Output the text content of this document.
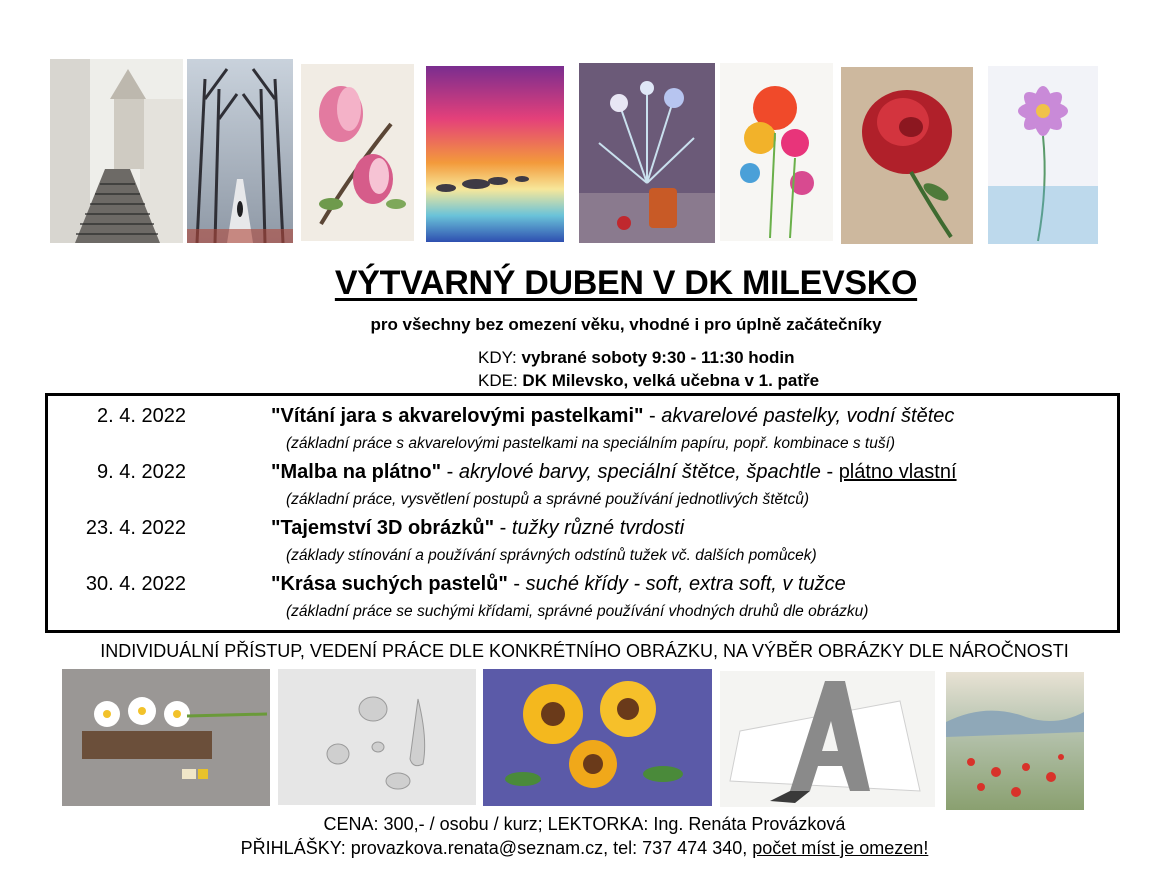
VÝTVARNÝ DUBEN V DK MILEVSKO
pro všechny bez omezení věku, vhodné i pro úplně začátečníky
KDY: vybrané soboty 9:30 - 11:30 hodin
KDE: DK Milevsko, velká učebna v 1. patře
2. 4. 2022	"Vítání jara s akvarelovými pastelkami" - akvarelové pastelky, vodní štětec
(základní práce s akvarelovými pastelkami na speciálním papíru, popř. kombinace s tuší)
9. 4. 2022	"Malba na plátno" - akrylové barvy, speciální štětce, špachtle - plátno vlastní
(základní práce, vysvětlení postupů a správné používání jednotlivých štětců)
23. 4. 2022	"Tajemství 3D obrázků" - tužky různé tvrdosti
(základy stínování a používání správných odstínů tužek vč. dalších pomůcek)
30. 4. 2022	"Krása suchých pastelů" - suché křídy - soft, extra soft, v tužce
(základní práce se suchými křídami, správné používání vhodných druhů dle obrázku)
INDIVIDUÁLNÍ PŘÍSTUP, VEDENÍ PRÁCE DLE KONKRÉTNÍHO OBRÁZKU, NA VÝBĚR OBRÁZKY DLE NÁROČNOSTI
CENA: 300,- / osobu / kurz; LEKTORKA: Ing. Renáta Provázková
PŘIHLÁŠKY: provazkova.renata@seznam.cz, tel: 737 474 340, počet míst je omezen!
